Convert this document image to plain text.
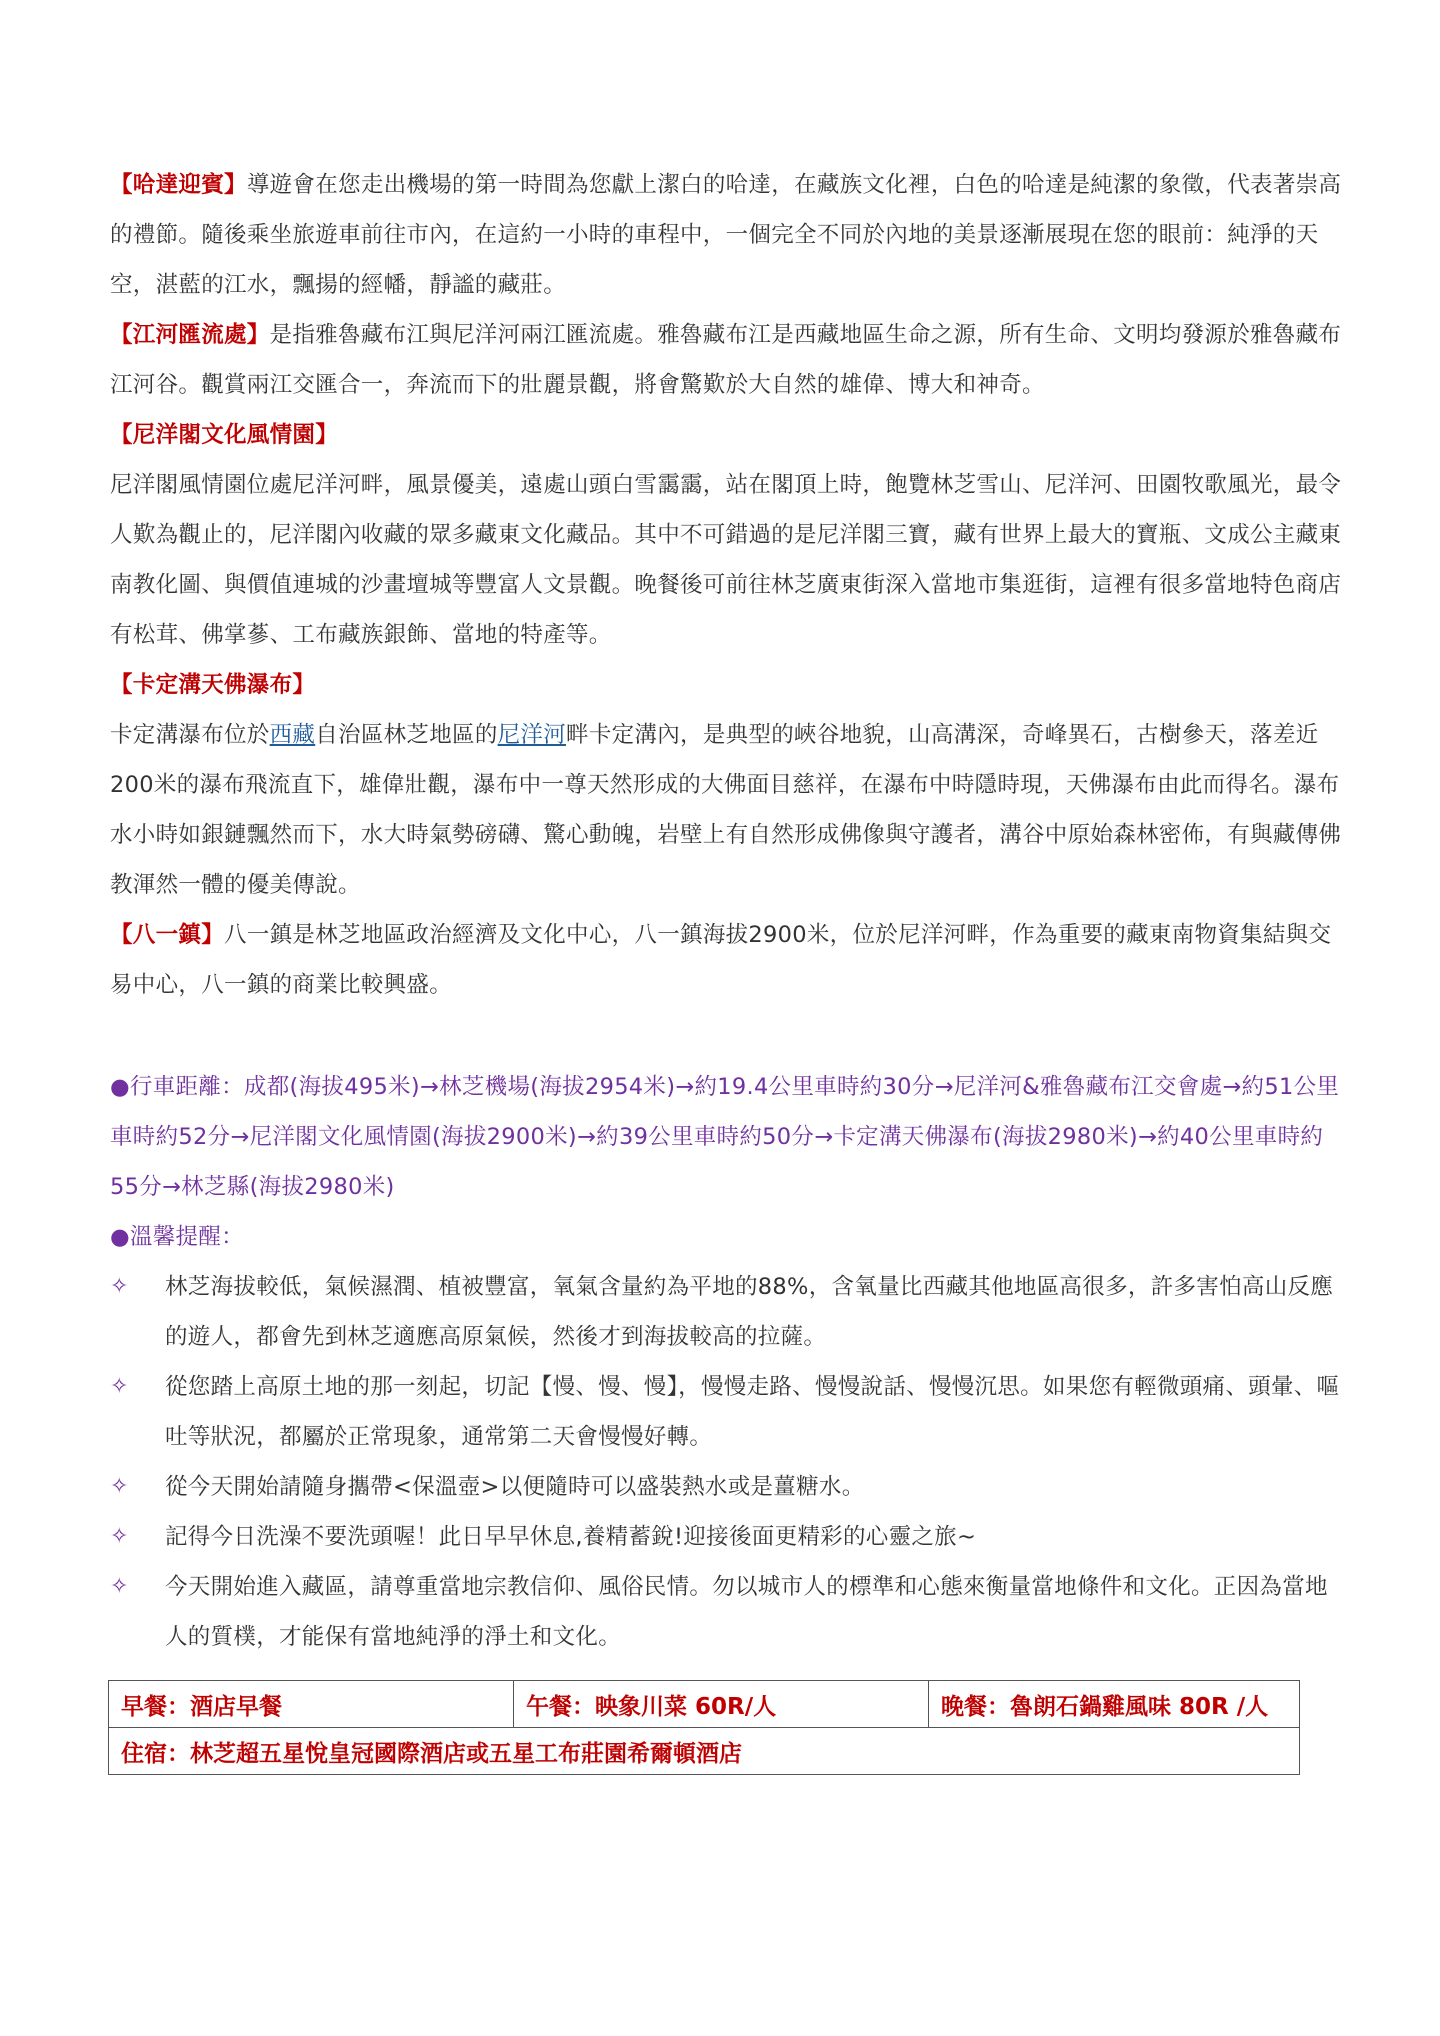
【哈達迎賓】導遊會在您走出機場的第一時間為您獻上潔白的哈達，在藏族文化裡，白色的哈達是純潔的象徵，代表著崇高的禮節。隨後乘坐旅遊車前往市內，在這約一小時的車程中，一個完全不同於內地的美景逐漸展現在您的眼前：純淨的天空，湛藍的江水，飄揚的經幡，靜謐的藏莊。

【江河匯流處】是指雅魯藏布江與尼洋河兩江匯流處。雅魯藏布江是西藏地區生命之源，所有生命、文明均發源於雅魯藏布江河谷。觀賞兩江交匯合一，奔流而下的壯麗景觀，將會驚歎於大自然的雄偉、博大和神奇。

【尼洋閣文化風情園】
尼洋閣風情園位處尼洋河畔，風景優美，遠處山頭白雪靄靄，站在閣頂上時，飽覽林芝雪山、尼洋河、田園牧歌風光，最令人歎為觀止的，尼洋閣內收藏的眾多藏東文化藏品。其中不可錯過的是尼洋閣三寶，藏有世界上最大的寶瓶、文成公主藏東南教化圖、與價值連城的沙畫壇城等豐富人文景觀。晚餐後可前往林芝廣東街深入當地市集逛街，這裡有很多當地特色商店有松茸、佛掌蔘、工布藏族銀飾、當地的特產等。

【卡定溝天佛瀑布】
卡定溝瀑布位於西藏自治區林芝地區的尼洋河畔卡定溝內，是典型的峽谷地貌，山高溝深，奇峰異石，古樹參天，落差近200米的瀑布飛流直下，雄偉壯觀，瀑布中一尊天然形成的大佛面目慈祥，在瀑布中時隱時現，天佛瀑布由此而得名。瀑布水小時如銀鏈飄然而下，水大時氣勢磅礴、驚心動魄，岩壁上有自然形成佛像與守護者，溝谷中原始森林密佈，有與藏傳佛教渾然一體的優美傳說。

【八一鎮】八一鎮是林芝地區政治經濟及文化中心，八一鎮海拔2900米，位於尼洋河畔，作為重要的藏東南物資集結與交易中心，八一鎮的商業比較興盛。

●行車距離：成都(海拔495米)→林芝機場(海拔2954米)→約19.4公里車時約30分→尼洋河&雅魯藏布江交會處→約51公里車時約52分→尼洋閣文化風情園(海拔2900米)→約39公里車時約50分→卡定溝天佛瀑布(海拔2980米)→約40公里車時約55分→林芝縣(海拔2980米)

●溫馨提醒：

✧ 林芝海拔較低，氣候濕潤、植被豐富，氧氣含量約為平地的88%，含氧量比西藏其他地區高很多，許多害怕高山反應的遊人，都會先到林芝適應高原氣候，然後才到海拔較高的拉薩。
✧ 從您踏上高原土地的那一刻起，切記【慢、慢、慢】，慢慢走路、慢慢說話、慢慢沉思。如果您有輕微頭痛、頭暈、嘔吐等狀況，都屬於正常現象，通常第二天會慢慢好轉。
✧ 從今天開始請隨身攜帶<保溫壺>以便隨時可以盛裝熱水或是薑糖水。
✧ 記得今日洗澡不要洗頭喔！此日早早休息,養精蓄銳!迎接後面更精彩的心靈之旅~
✧ 今天開始進入藏區，請尊重當地宗教信仰、風俗民情。勿以城市人的標準和心態來衡量當地條件和文化。正因為當地人的質樸，才能保有當地純淨的淨土和文化。
早餐：酒店早餐	午餐：映象川菜 60R/人	晚餐：魯朗石鍋雞風味 80R /人
住宿：林芝超五星悅皇冠國際酒店或五星工布莊園希爾頓酒店
